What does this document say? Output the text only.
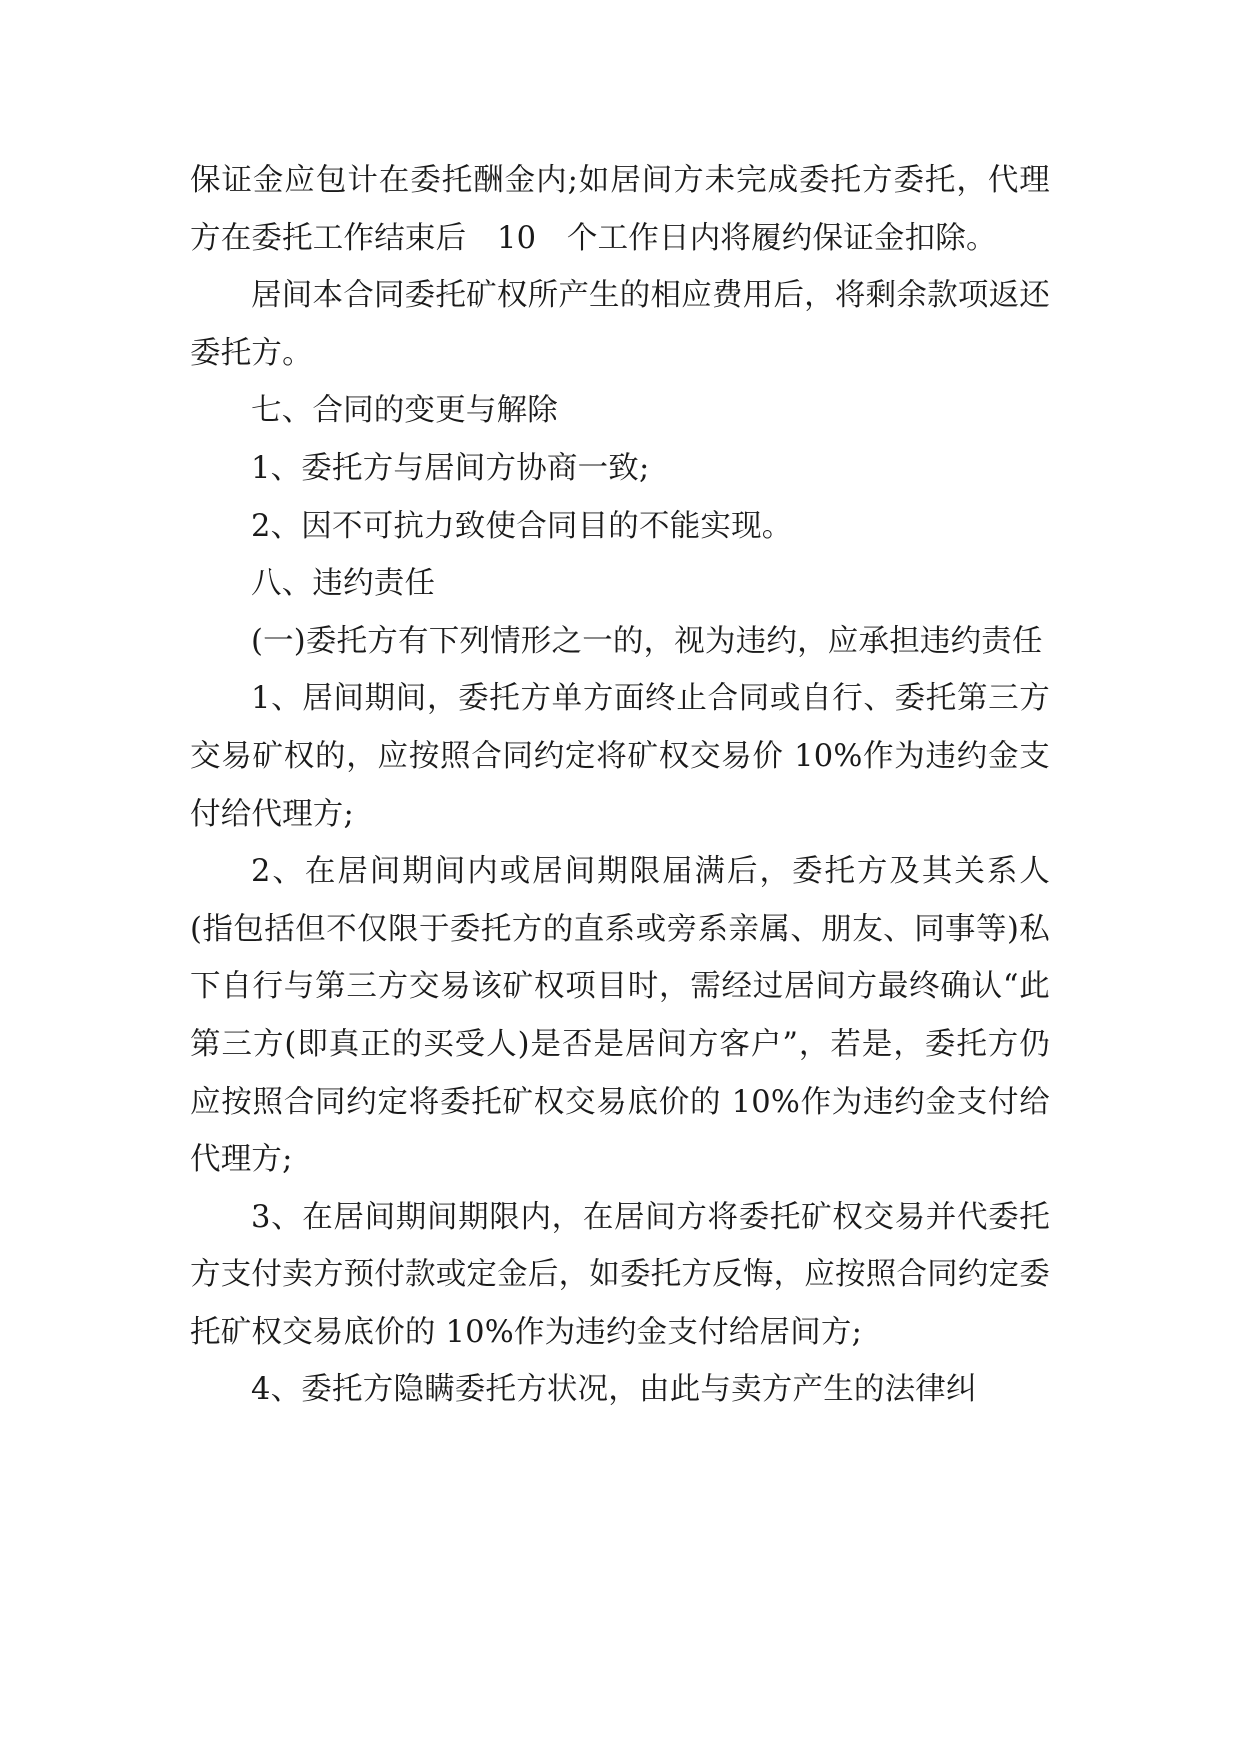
保证金应包计在委托酬金内;如居间方未完成委托方委托，代理方在委托工作结束后　10　个工作日内将履约保证金扣除。

居间本合同委托矿权所产生的相应费用后，将剩余款项返还委托方。

七、合同的变更与解除

1、委托方与居间方协商一致;

2、因不可抗力致使合同目的不能实现。

八、违约责任

(一)委托方有下列情形之一的，视为违约，应承担违约责任

1、居间期间，委托方单方面终止合同或自行、委托第三方交易矿权的，应按照合同约定将矿权交易价 10%作为违约金支付给代理方;

2、在居间期间内或居间期限届满后，委托方及其关系人(指包括但不仅限于委托方的直系或旁系亲属、朋友、同事等)私下自行与第三方交易该矿权项目时，需经过居间方最终确认“此第三方(即真正的买受人)是否是居间方客户”，若是，委托方仍应按照合同约定将委托矿权交易底价的 10%作为违约金支付给代理方;

3、在居间期间期限内，在居间方将委托矿权交易并代委托方支付卖方预付款或定金后，如委托方反悔，应按照合同约定委托矿权交易底价的 10%作为违约金支付给居间方;

4、委托方隐瞒委托方状况，由此与卖方产生的法律纠
